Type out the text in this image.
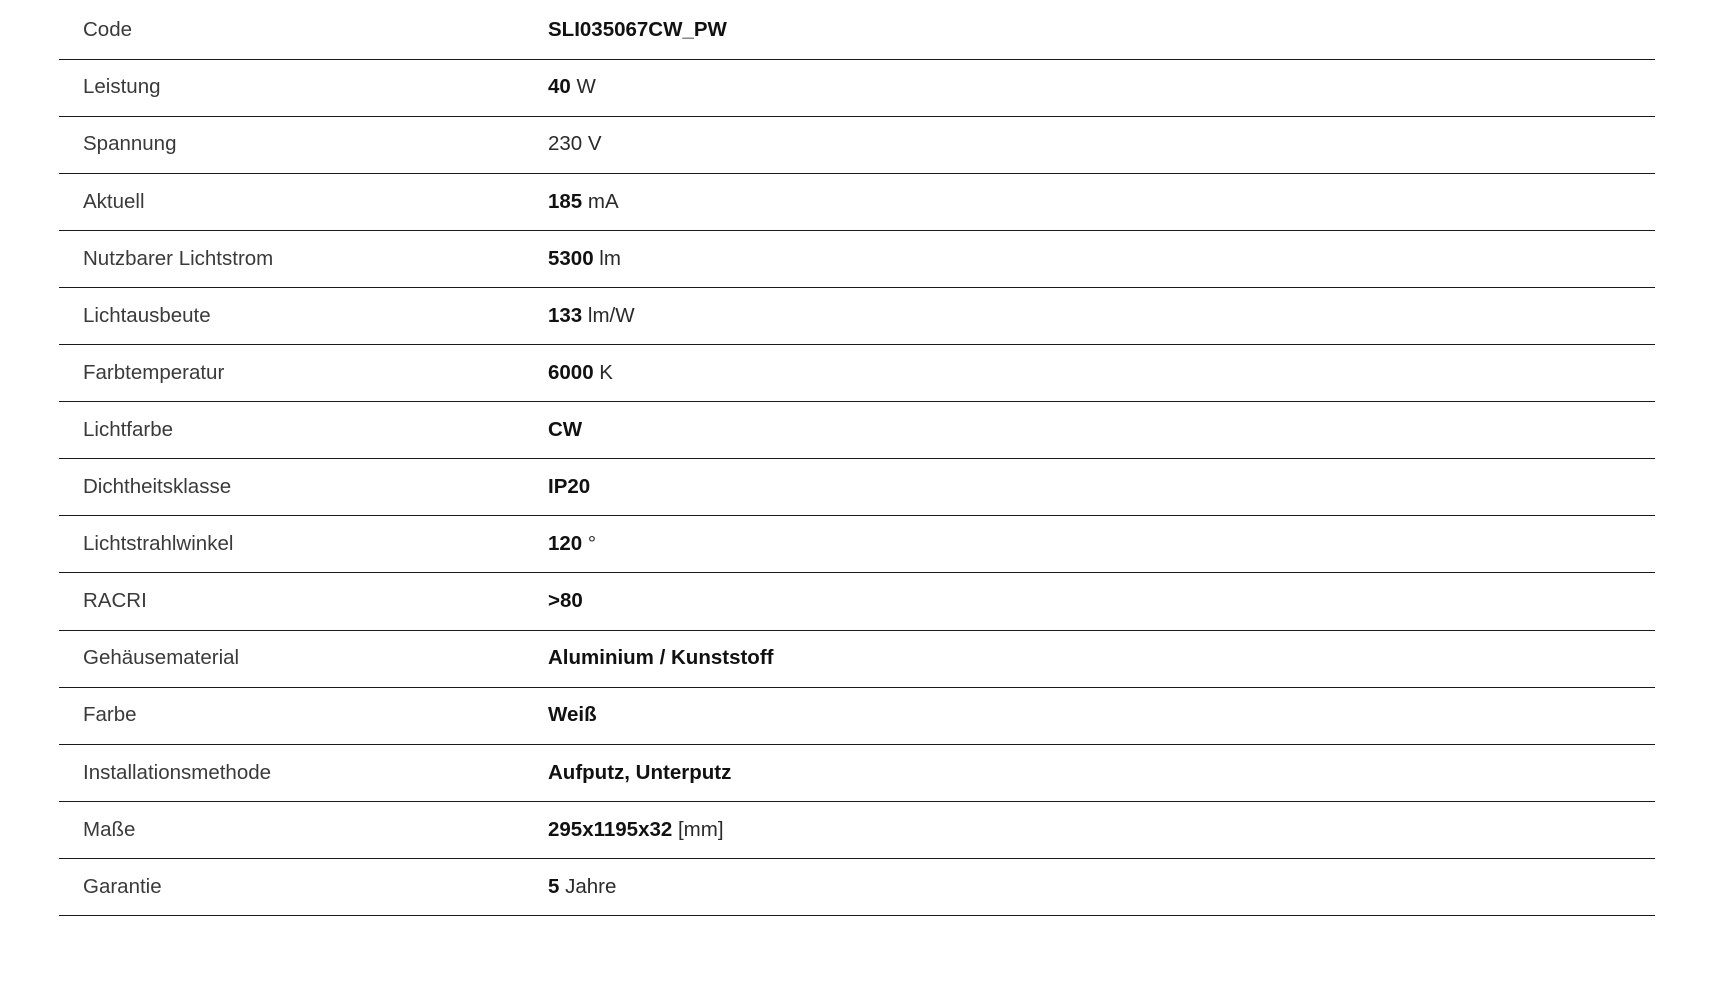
Code	SLI035067CW_PW
Leistung	40 W
Spannung	230 V
Aktuell	185 mA
Nutzbarer Lichtstrom	5300 lm
Lichtausbeute	133 lm/W
Farbtemperatur	6000 K
Lichtfarbe	CW
Dichtheitsklasse	IP20
Lichtstrahlwinkel	120 °
RACRI	>80
Gehäusematerial	Aluminium / Kunststoff
Farbe	Weiß
Installationsmethode	Aufputz, Unterputz
Maße	295x1195x32 [mm]
Garantie	5 Jahre
